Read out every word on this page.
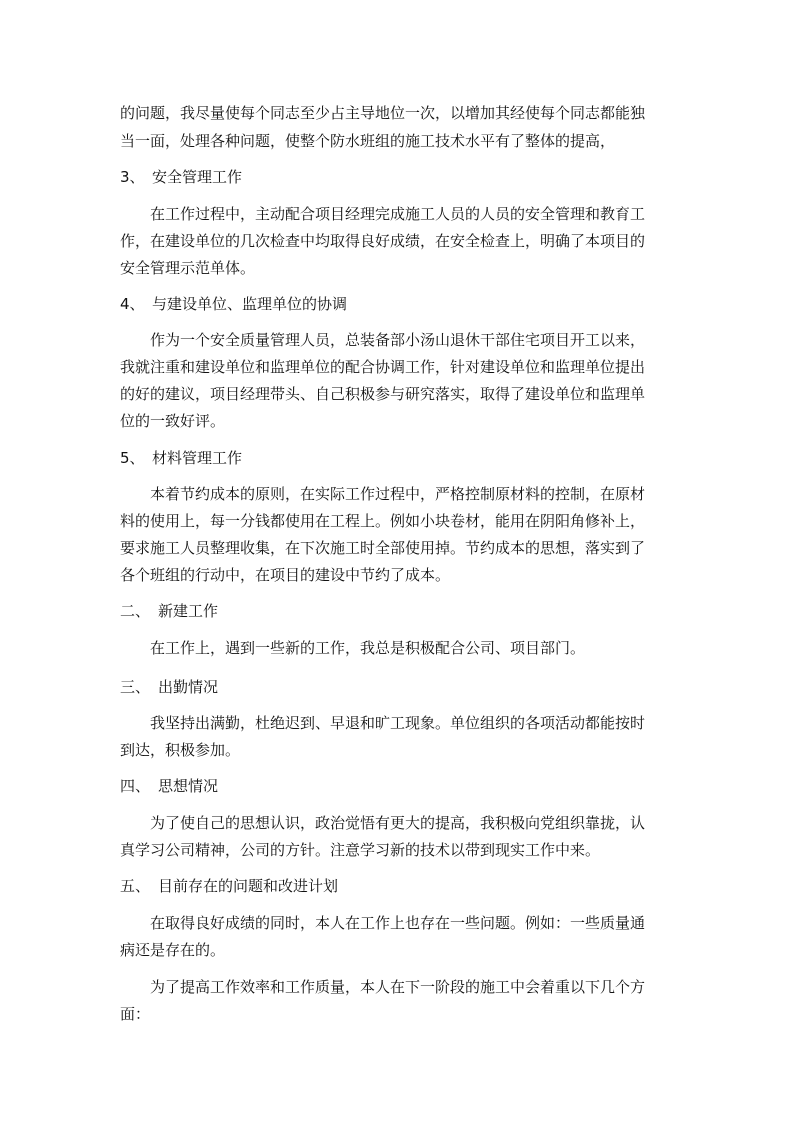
的问题，我尽量使每个同志至少占主导地位一次，以增加其经使每个同志都能独
当一面，处理各种问题，使整个防水班组的施工技术水平有了整体的提高，
3、 安全管理工作
在工作过程中，主动配合项目经理完成施工人员的人员的安全管理和教育工
作，在建设单位的几次检查中均取得良好成绩，在安全检查上，明确了本项目的
安全管理示范单体。
4、 与建设单位、监理单位的协调
作为一个安全质量管理人员，总装备部小汤山退休干部住宅项目开工以来，
我就注重和建设单位和监理单位的配合协调工作，针对建设单位和监理单位提出
的好的建议，项目经理带头、自己积极参与研究落实，取得了建设单位和监理单
位的一致好评。
5、 材料管理工作
本着节约成本的原则，在实际工作过程中，严格控制原材料的控制，在原材
料的使用上，每一分钱都使用在工程上。例如小块卷材，能用在阴阳角修补上，
要求施工人员整理收集，在下次施工时全部使用掉。节约成本的思想，落实到了
各个班组的行动中，在项目的建设中节约了成本。
二、 新建工作
在工作上，遇到一些新的工作，我总是积极配合公司、项目部门。
三、 出勤情况
我坚持出满勤，杜绝迟到、早退和旷工现象。单位组织的各项活动都能按时
到达，积极参加。
四、 思想情况
为了使自己的思想认识，政治觉悟有更大的提高，我积极向党组织靠拢，认
真学习公司精神，公司的方针。注意学习新的技术以带到现实工作中来。
五、 目前存在的问题和改进计划
在取得良好成绩的同时，本人在工作上也存在一些问题。例如：一些质量通
病还是存在的。
为了提高工作效率和工作质量，本人在下一阶段的施工中会着重以下几个方
面：
